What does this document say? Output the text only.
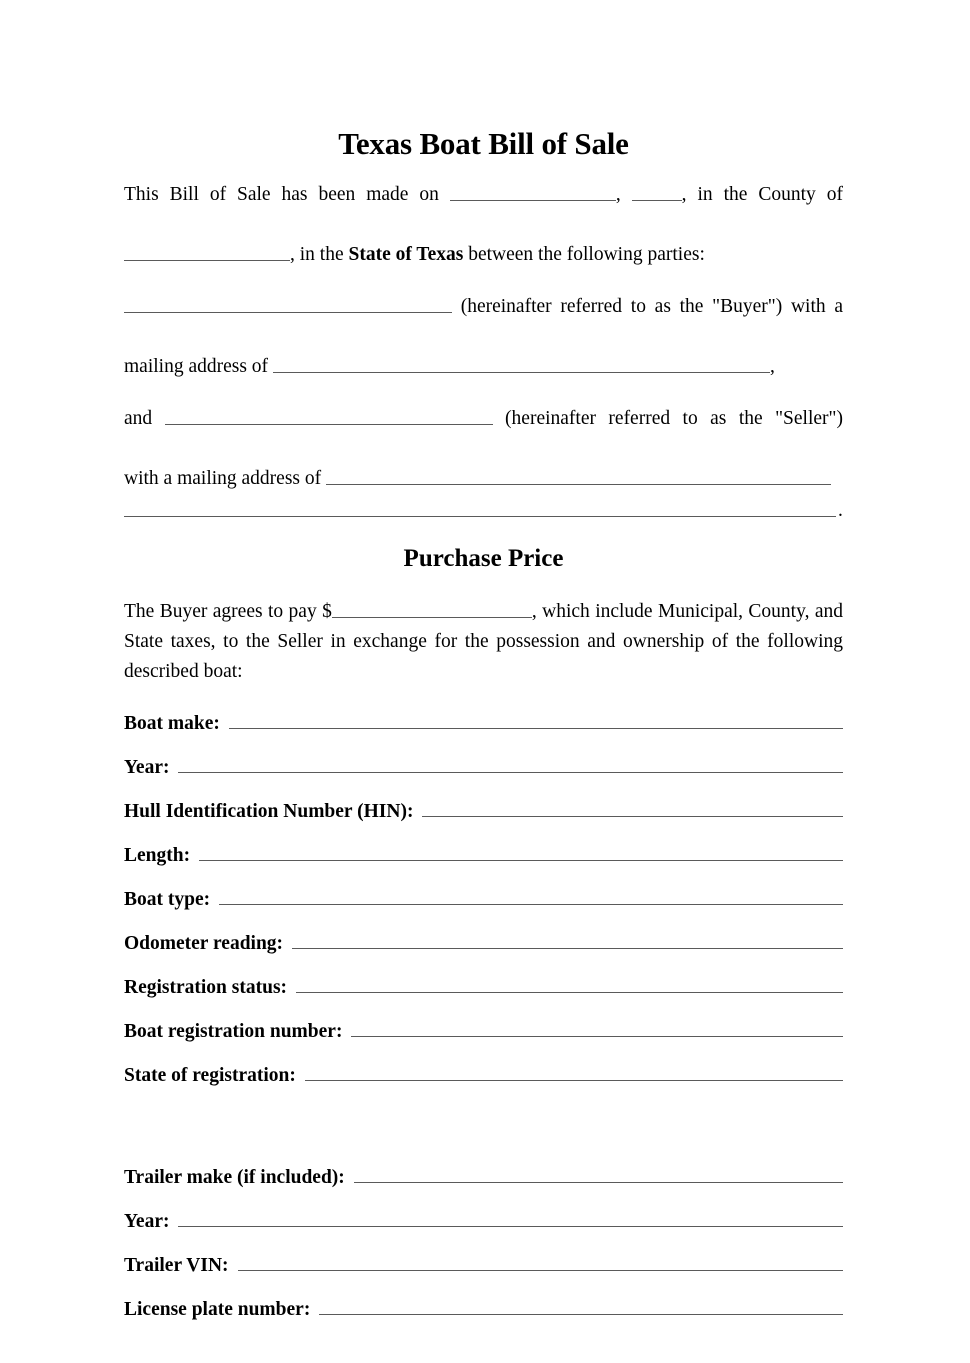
Texas Boat Bill of Sale
This Bill of Sale has been made on	,	, in the County of
, in the State of Texas between the following parties:
(hereinafter referred to as the "Buyer") with a
mailing address of	,
and	(hereinafter referred to as the "Seller")
with a mailing address of
.
Purchase Price
The Buyer agrees to pay $	, which include Municipal, County, and State taxes, to the Seller in exchange for the possession and ownership of the following described boat:
Boat make:
Year:
Hull Identification Number (HIN):
Length:
Boat type:
Odometer reading:
Registration status:
Boat registration number:
State of registration:
Trailer make (if included):
Year:
Trailer VIN:
License plate number:
